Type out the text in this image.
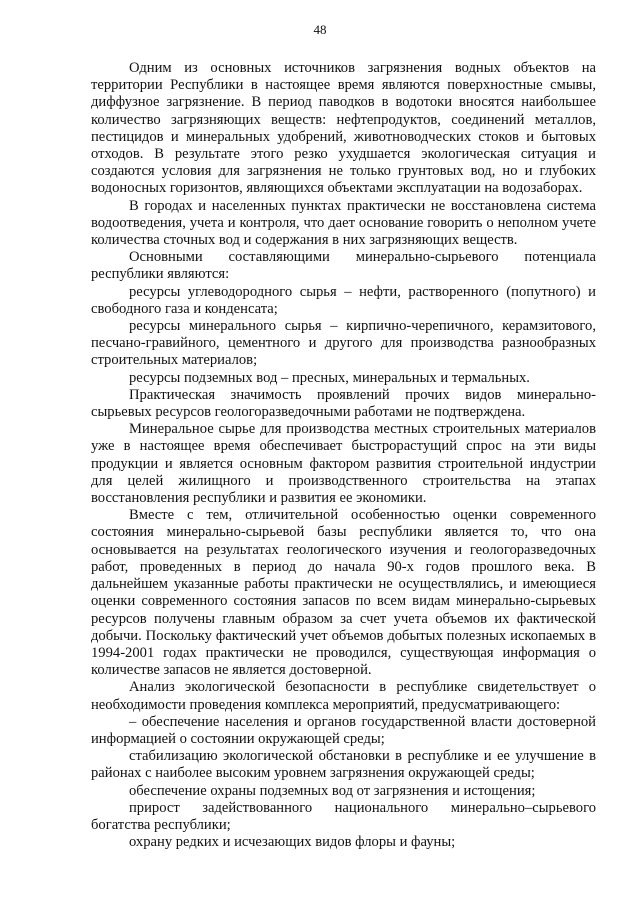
48

Одним из основных источников загрязнения водных объектов на территории Республики в настоящее время являются поверхностные смывы, диффузное загрязнение. В период паводков в водотоки вносятся наибольшее количество загрязняющих веществ: нефтепродуктов, соединений металлов, пестицидов и минеральных удобрений, животноводческих стоков и бытовых отходов. В результате этого резко ухудшается экологическая ситуация и создаются условия для загрязнения не только грунтовых вод, но и глубоких водоносных горизонтов, являющихся объектами эксплуатации на водозаборах.

В городах и населенных пунктах практически не восстановлена система водоотведения, учета и контроля, что дает основание говорить о неполном учете количества сточных вод и содержания в них загрязняющих веществ.

Основными составляющими минерально-сырьевого потенциала республики являются:

ресурсы углеводородного сырья – нефти, растворенного (попутного) и свободного газа и конденсата;

ресурсы минерального сырья – кирпично-черепичного, керамзитового, песчано-гравийного, цементного и другого для производства разнообразных строительных материалов;

ресурсы подземных вод – пресных, минеральных и термальных.

Практическая значимость проявлений прочих видов минерально-сырьевых ресурсов геологоразведочными работами не подтверждена.

Минеральное сырье для производства местных строительных материалов уже в настоящее время обеспечивает быстрорастущий спрос на эти виды продукции и является основным фактором развития строительной индустрии для целей жилищного и производственного строительства на этапах восстановления республики и развития ее экономики.

Вместе с тем, отличительной особенностью оценки современного состояния минерально-сырьевой базы республики является то, что она основывается на результатах геологического изучения и геологоразведочных работ, проведенных в период до начала 90-х годов прошлого века. В дальнейшем указанные работы практически не осуществлялись, и имеющиеся оценки современного состояния запасов по всем видам минерально-сырьевых ресурсов получены главным образом за счет учета объемов их фактической добычи. Поскольку фактический учет объемов добытых полезных ископаемых в 1994-2001 годах практически не проводился, существующая информация о количестве запасов не является достоверной.

Анализ экологической безопасности в республике свидетельствует о необходимости проведения комплекса мероприятий, предусматривающего:

– обеспечение населения и органов государственной власти достоверной информацией о состоянии окружающей среды;

стабилизацию экологической обстановки в республике и ее улучшение в районах с наиболее высоким уровнем загрязнения окружающей среды;

обеспечение охраны подземных вод от загрязнения и истощения;

прирост задействованного национального минерально–сырьевого богатства республики;

охрану редких и исчезающих видов флоры и фауны;
